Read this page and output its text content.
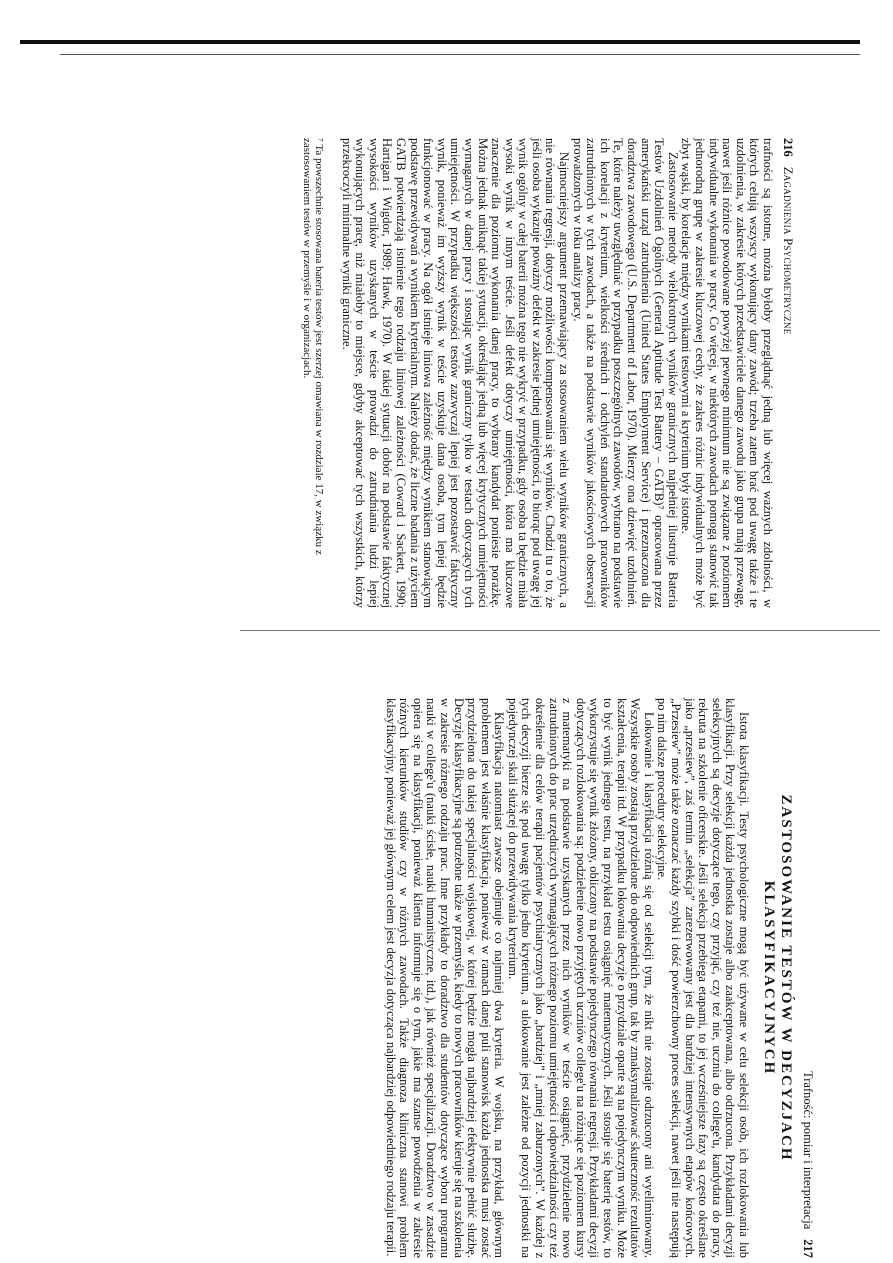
216Zagadnienia Psychometryczne

trafności są istotne, można byłoby przeglądnąć jedną lub więcej ważnych zdolności, w których celują wszyscy wykonujący dany zawód; trzeba zatem brać pod uwagę także i te uzdolnienia, w zakresie których przedstawiciele danego zawodu jako grupa mają przewagę, nawet jeśli różnice powodowane powyżej pewnego minimum nie są związane z poziomem indywidualne wykonania w pracy. Co więcej, w niektórych zawodach pomogą stanowić tak jednorodną grupę w zakresie kluczowej cechy, że zakres różnic indywidualnych może być zbyt wąski, by korelacje między wynikami testowymi a kryterium były istotne.

Zastosowanie metody wielokrotnych wyników granicznych najpełniej ilustruje Bateria Testów Uzdolnień Ogólnych (General Aptitude Test Battery – GATB)⁷ opracowana przez amerykański urząd zatrudnienia (United States Employment Service) i przeznaczona dla doradztwa zawodowego (U.S. Department of Labor, 1970). Mierzy ona dziewięć uzdolnień. Te, które należy uwzględniać w przypadku poszczególnych zawodów, wybrano na podstawie ich korelacji z kryterium, wielkości średnich i odchyleń standardowych pracowników zatrudnionych w tych zawodach, a także na podstawie wyników jakościowych obserwacji prowadzonych w toku analizy pracy.

Najmocniejszy argument przemawiający za stosowaniem wielu wyników granicznych, a nie równania regresji, dotyczy możliwości kompensowania się wyników. Chodzi tu o to, że jeśli osoba wykazuje poważny defekt w zakresie jednej umiejętności, to biorąc pod uwagę jej wynik ogólny w całej baterii można tego nie wykryć w przypadku, gdy osoba ta będzie miała wysoki wynik w innym teście. Jeśli defekt dotyczy umiejętności, która ma kluczowe znaczenie dla poziomu wykonania danej pracy, to wybrany kandydat poniesie porażkę. Można jednak uniknąć takiej sytuacji, określając jedną lub więcej krytycznych umiejętności wymaganych w danej pracy i stosując wynik graniczny tylko w testach dotyczących tych umiejętności. W przypadku większości testów zazwyczaj lepiej jest pozostawić faktyczny wynik, ponieważ im wyższy wynik w teście uzyskuje dana osoba, tym lepiej będzie funkcjonować w pracy. Na ogół istnieje liniowa zależność między wynikiem stanowiącym podstawę przewidywań a wynikiem kryterialnym. Należy dodać, że liczne badania z użyciem GATB potwierdzają istnienie tego rodzaju liniowej zależności (Coward i Sackett, 1990; Hartigan i Wigdor, 1989; Hawk, 1970). W takiej sytuacji dobór na podstawie faktycznej wysokości wyników uzyskanych w teście prowadzi do zatrudniania ludzi lepiej wykonujących pracę, niż miałoby to miejsce, gdyby akceptować tych wszystkich, którzy przekroczyli minimalne wyniki graniczne.

⁷ Ta powszechnie stosowana bateria testów jest szerzej omawiana w rozdziale 17, w związku z zastosowaniem testów w przemyśle i w organizacjach.
Trafność: pomiar i interpretacja217
ZASTOSOWANIE TESTÓW W DECYZJACH KLASYFIKACYJNYCH

Istota klasyfikacji. Testy psychologiczne mogą być używane w celu selekcji osób, ich rozlokowania lub klasyfikacji. Przy selekcji każda jednostka zostaje albo zaakceptowana, albo odrzucona. Przykładami decyzji selekcyjnych są decyzje dotyczące tego, czy przyjąć, czy też nie, ucznia do college'u, kandydata do pracy, rekruta na szkolenie oficerskie. Jeśli selekcja przebiega etapami, to jej wcześniejsze fazy są często określane jako „przesiew”, zaś termin „selekcja” zarezerwowany jest dla bardziej intensywnych etapów końcowych. „Przesiew” może także oznaczać każdy szybki i dość powierzchowny proces selekcji, nawet jeśli nie następują po nim dalsze procedury selekcyjne.

Lokowanie i klasyfikacja różnią się od selekcji tym, że nikt nie zostaje odrzucony ani wyeliminowany. Wszystkie osoby zostają przydzielone do odpowiednich grup, tak by zmaksymalizować skuteczność rezultatów kształcenia, terapii itd. W przypadku lokowania decyzje o przydziale oparte są na pojedynczym wyniku. Może to być wynik jednego testu, na przykład testu osiągnięć matematycznych. Jeśli stosuje się baterię testów, to wykorzystuje się wynik złożony, obliczony na podstawie pojedynczego równania regresji. Przykładami decyzji dotyczących rozlokowania są: podzielenie nowo przyjętych uczniów college'u na różniące się poziomem kursy z matematyki na podstawie uzyskanych przez nich wyników w teście osiągnięć, przydzielenie nowo zatrudnionych do prac urzędniczych wymagających różnego poziomu umiejętności i odpowiedzialności czy też określenie dla celów terapii pacjentów psychiatrycznych jako „bardziej” i „mniej zaburzonych”. W każdej z tych decyzji bierze się pod uwagę tylko jedno kryterium, a ulokowanie jest zależne od pozycji jednostki na pojedynczej skali służącej do przewidywania kryterium.

Klasyfikacja natomiast zawsze obejmuje co najmniej dwa kryteria. W wojsku, na przykład, głównym problemem jest właśnie klasyfikacja, ponieważ w ramach danej puli stanowisk każda jednostka musi zostać przydzielona do takiej specjalności wojskowej, w której będzie mogła najbardziej efektywnie pełnić służbę. Decyzje klasyfikacyjne są potrzebne także w przemyśle, kiedy to nowych pracowników kieruje się na szkolenia w zakresie różnego rodzaju prac. Inne przykłady to doradztwo dla studentów dotyczące wyboru programu nauki w college'u (nauki ścisłe, nauki humanistyczne, itd.), jak również specjalizacji. Doradztwo w zasadzie opiera się na klasyfikacji, ponieważ klienta informuje się o tym, jakie ma szanse powodzenia w zakresie różnych kierunków studiów czy w różnych zawodach. Także diagnoza kliniczna stanowi problem klasyfikacyjny, ponieważ jej głównym celem jest decyzja dotycząca najbardziej odpowiedniego rodzaju terapii.
